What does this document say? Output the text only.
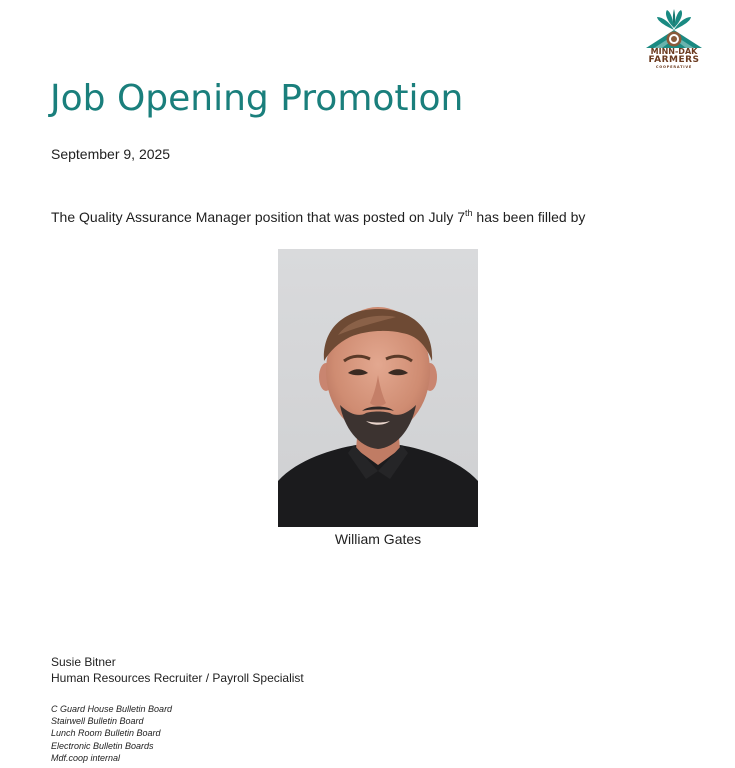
MINN-DAK
FARMERS
COOPERATIVE
Job Opening Promotion
September 9, 2025
The Quality Assurance Manager position that was posted on July 7th has been filled by
William Gates
Susie Bitner
Human Resources Recruiter / Payroll Specialist
C Guard House Bulletin Board
Stairwell Bulletin Board
Lunch Room Bulletin Board
Electronic Bulletin Boards
Mdf.coop internal
